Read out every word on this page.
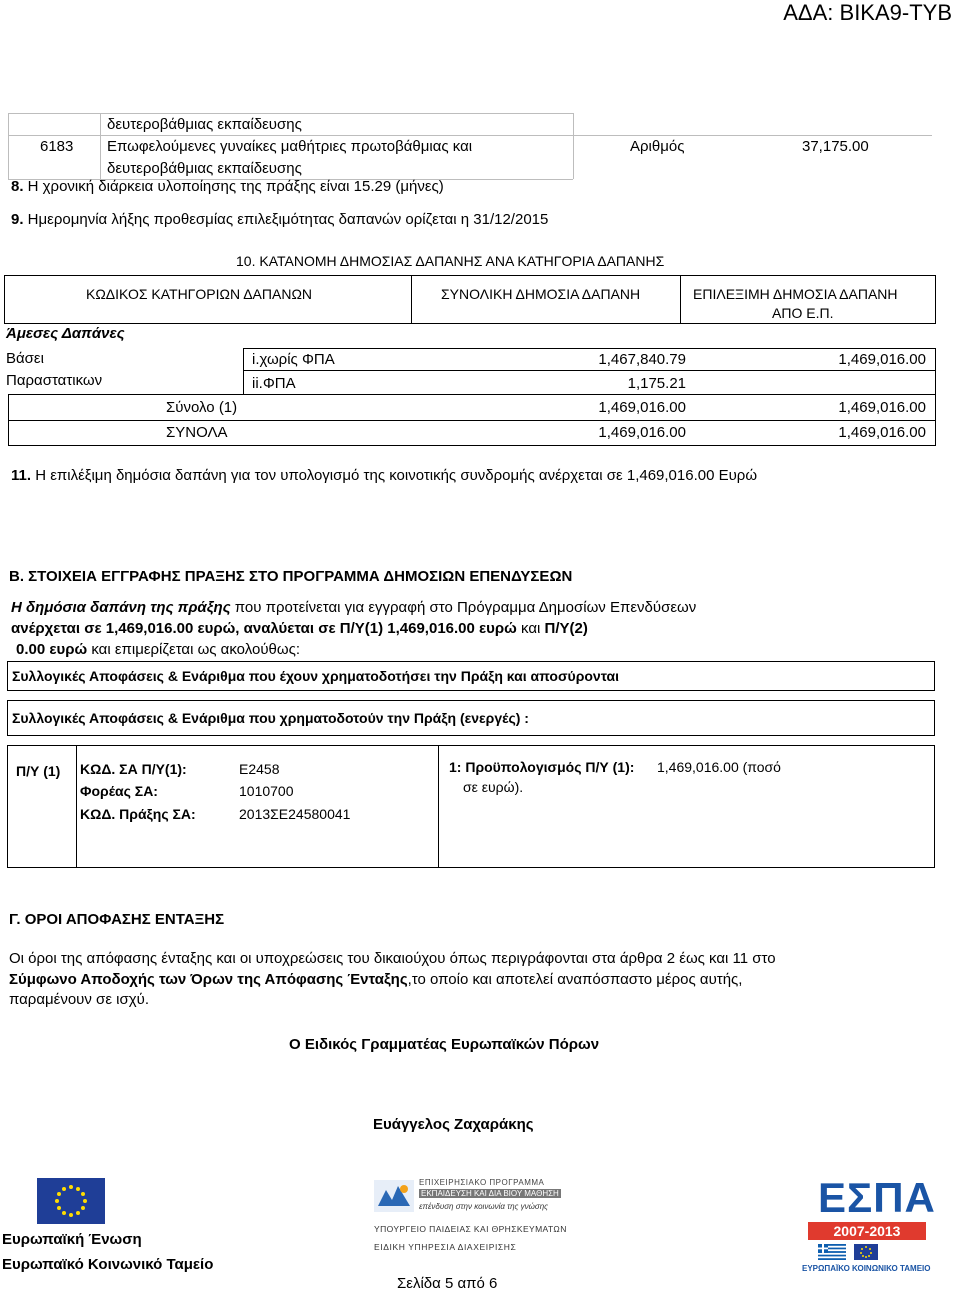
ΑΔΑ: ΒΙΚΑ9-ΤΥΒ
δευτεροβάθμιας εκπαίδευσης
6183 Επωφελούμενες γυναίκες μαθήτριες πρωτοβάθμιας και
δευτεροβάθμιας εκπαίδευσης
Αριθμός	37,175.00
8. Η χρονική διάρκεια υλοποίησης της πράξης είναι 15.29 (μήνες)
9. Ημερομηνία λήξης προθεσμίας επιλεξιμότητας δαπανών ορίζεται η 31/12/2015
10. ΚΑΤΑΝΟΜΗ ΔΗΜΟΣΙΑΣ ΔΑΠΑΝΗΣ ΑΝΑ ΚΑΤΗΓΟΡΙΑ ΔΑΠΑΝΗΣ
ΚΩΔΙΚΟΣ ΚΑΤΗΓΟΡΙΩΝ ΔΑΠΑΝΩΝ	ΣΥΝΟΛΙΚΗ ΔΗΜΟΣΙΑ ΔΑΠΑΝΗ	ΕΠΙΛΕΞΙΜΗ ΔΗΜΟΣΙΑ ΔΑΠΑΝΗ
ΑΠΟ Ε.Π.
Άμεσες Δαπάνες
Βάσει
Παραστατικων
i.χωρίς ΦΠΑ	1,467,840.79	1,469,016.00
ii.ΦΠΑ	1,175.21
Σύνολο (1)	1,469,016.00	1,469,016.00
ΣΥΝΟΛΑ	1,469,016.00	1,469,016.00
11. Η επιλέξιμη δημόσια δαπάνη για τον υπολογισμό της κοινοτικής συνδρομής ανέρχεται σε 1,469,016.00 Ευρώ
Β. ΣΤΟΙΧΕΙΑ ΕΓΓΡΑΦΗΣ ΠΡΑΞΗΣ ΣΤΟ ΠΡΟΓΡΑΜΜΑ ΔΗΜΟΣΙΩΝ ΕΠΕΝΔΥΣΕΩΝ
Η δημόσια δαπάνη της πράξης που προτείνεται για εγγραφή στο Πρόγραμμα Δημοσίων Επενδύσεων
ανέρχεται σε 1,469,016.00 ευρώ, αναλύεται σε Π/Υ(1) 1,469,016.00 ευρώ και Π/Υ(2)
0.00 ευρώ και επιμερίζεται ως ακολούθως:
Συλλογικές Αποφάσεις & Ενάριθμα που έχουν χρηματοδοτήσει την Πράξη και αποσύρονται
Συλλογικές Αποφάσεις & Ενάριθμα που χρηματοδοτούν την Πράξη (ενεργές) :
Π/Υ (1) ΚΩΔ. ΣΑ Π/Υ(1):	Ε2458
Φορέας ΣΑ:	1010700
ΚΩΔ. Πράξης ΣΑ:	2013ΣΕ24580041
1: Προϋπολογισμός Π/Υ (1): 1,469,016.00 (ποσό
σε ευρώ).
Γ. ΟΡΟΙ ΑΠΟΦΑΣΗΣ ΕΝΤΑΞΗΣ
Οι όροι της απόφασης ένταξης και οι υποχρεώσεις του δικαιούχου όπως περιγράφονται στα άρθρα 2 έως και 11 στο
Σύμφωνο Αποδοχής των Όρων της Απόφασης Ένταξης,το οποίο και αποτελεί αναπόσπαστο μέρος αυτής,
παραμένουν σε ισχύ.
Ο Ειδικός Γραμματέας Ευρωπαϊκών Πόρων
Ευάγγελος Ζαχαράκης
Ευρωπαϊκή Ένωση
Ευρωπαϊκό Κοινωνικό Ταμείο
ΕΠΙΧΕΙΡΗΣΙΑΚΟ ΠΡΟΓΡΑΜΜΑ
ΕΚΠΑΙΔΕΥΣΗ ΚΑΙ ΔΙΑ ΒΙΟΥ ΜΑΘΗΣΗ
επένδυση στην κοινωνία της γνώσης
ΥΠΟΥΡΓΕΙΟ ΠΑΙΔΕΙΑΣ ΚΑΙ ΘΡΗΣΚΕΥΜΑΤΩΝ
ΕΙΔΙΚΗ ΥΠΗΡΕΣΙΑ ΔΙΑΧΕΙΡΙΣΗΣ
ΕΣΠΑ
2007-2013
ΕΥΡΩΠΑΪΚΟ ΚΟΙΝΩΝΙΚΟ ΤΑΜΕΙΟ
Σελίδα 5 από 6
